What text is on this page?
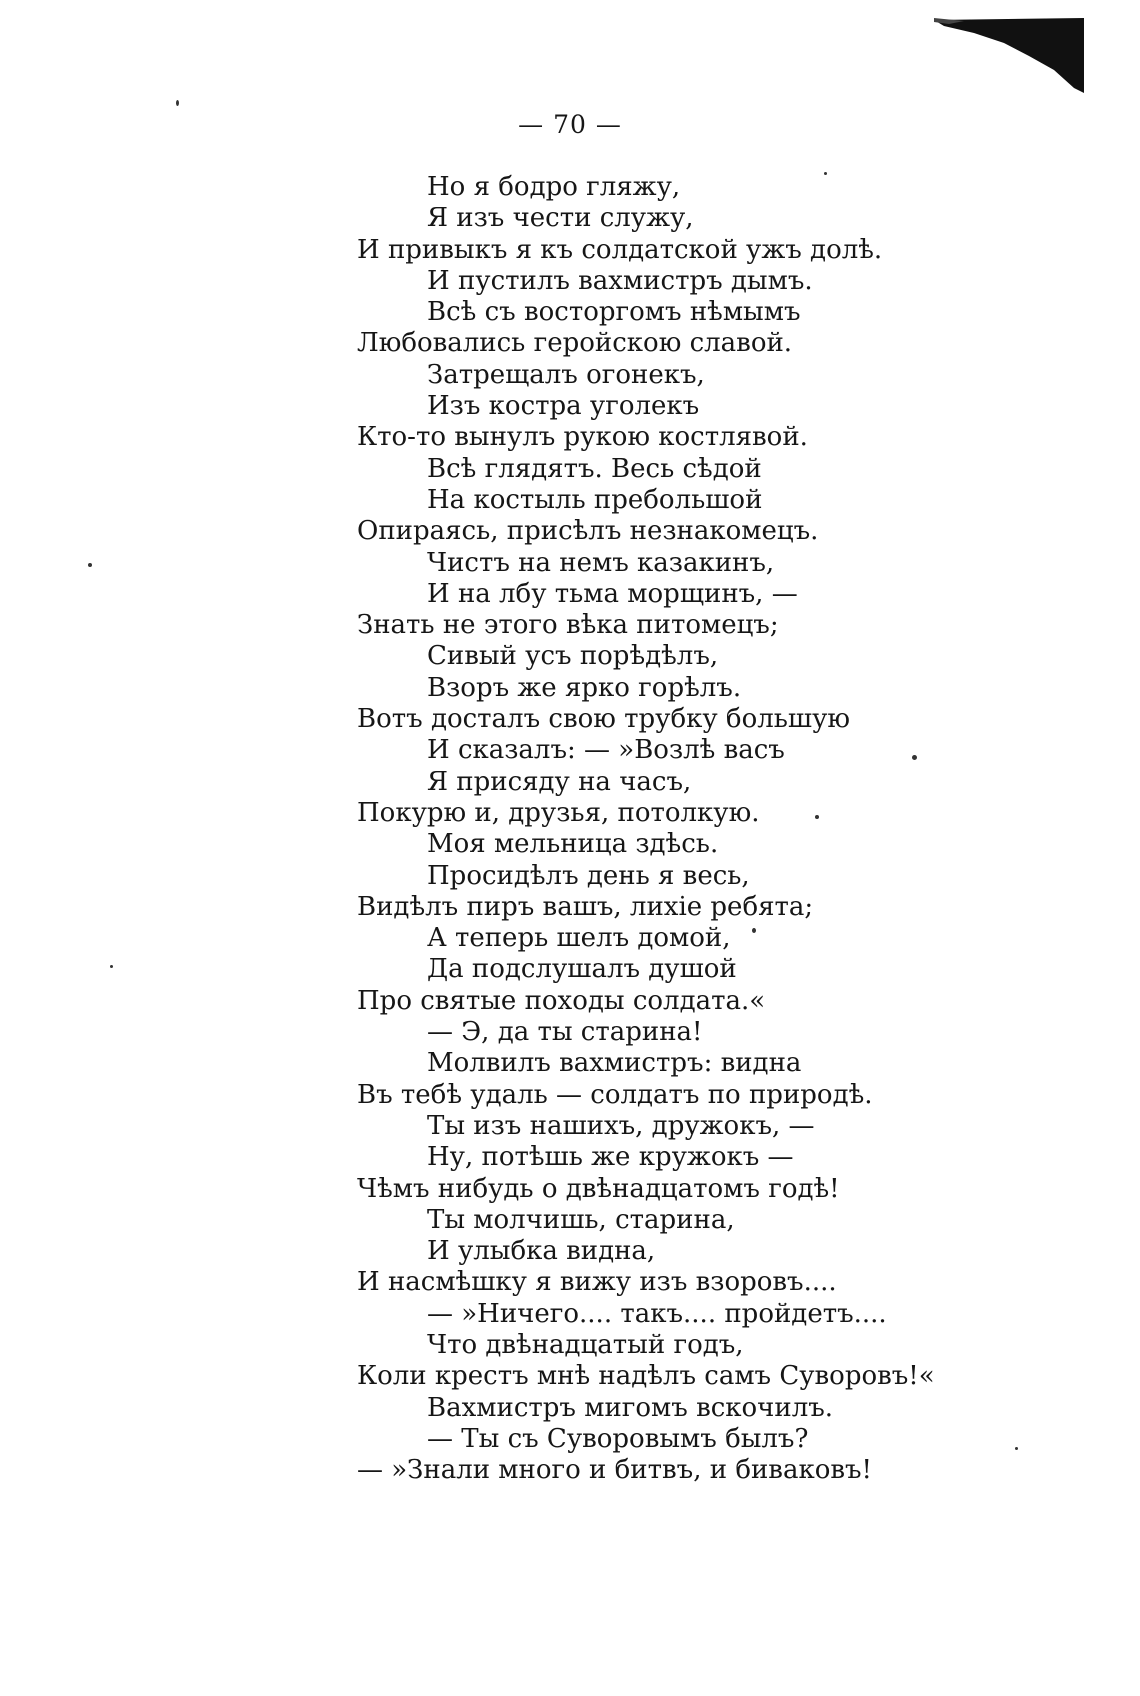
— 70 —
Но я бодро гляжу,
Я изъ чести служу,
И привыкъ я къ солдатской ужъ долѣ.
И пустилъ вахмистръ дымъ.
Всѣ съ восторгомъ нѣмымъ
Любовались геройскою славой.
Затрещалъ огонекъ,
Изъ костра уголекъ
Кто-то вынулъ рукою костлявой.
Всѣ глядятъ. Весь сѣдой
На костыль пребольшой
Опираясь, присѣлъ незнакомецъ.
Чистъ на немъ казакинъ,
И на лбу тьма морщинъ, —
Знать не этого вѣка питомецъ;
Сивый усъ порѣдѣлъ,
Взоръ же ярко горѣлъ.
Вотъ досталъ свою трубку большую
И сказалъ: — »Возлѣ васъ
Я присяду на часъ,
Покурю и, друзья, потолкую.
Моя мельница здѣсь.
Просидѣлъ день я весь,
Видѣлъ пиръ вашъ, лихіе ребята;
А теперь шелъ домой,
Да подслушалъ душой
Про святые походы солдата.«
— Э, да ты старина!
Молвилъ вахмистръ: видна
Въ тебѣ удаль — солдатъ по природѣ.
Ты изъ нашихъ, дружокъ, —
Ну, потѣшь же кружокъ —
Чѣмъ нибудь о двѣнадцатомъ годѣ!
Ты молчишь, старина,
И улыбка видна,
И насмѣшку я вижу изъ взоровъ....
— »Ничего.... такъ.... пройдетъ....
Что двѣнадцатый годъ,
Коли крестъ мнѣ надѣлъ самъ Суворовъ!«
Вахмистръ мигомъ вскочилъ.
— Ты съ Суворовымъ былъ?
— »Знали много и битвъ, и биваковъ!
